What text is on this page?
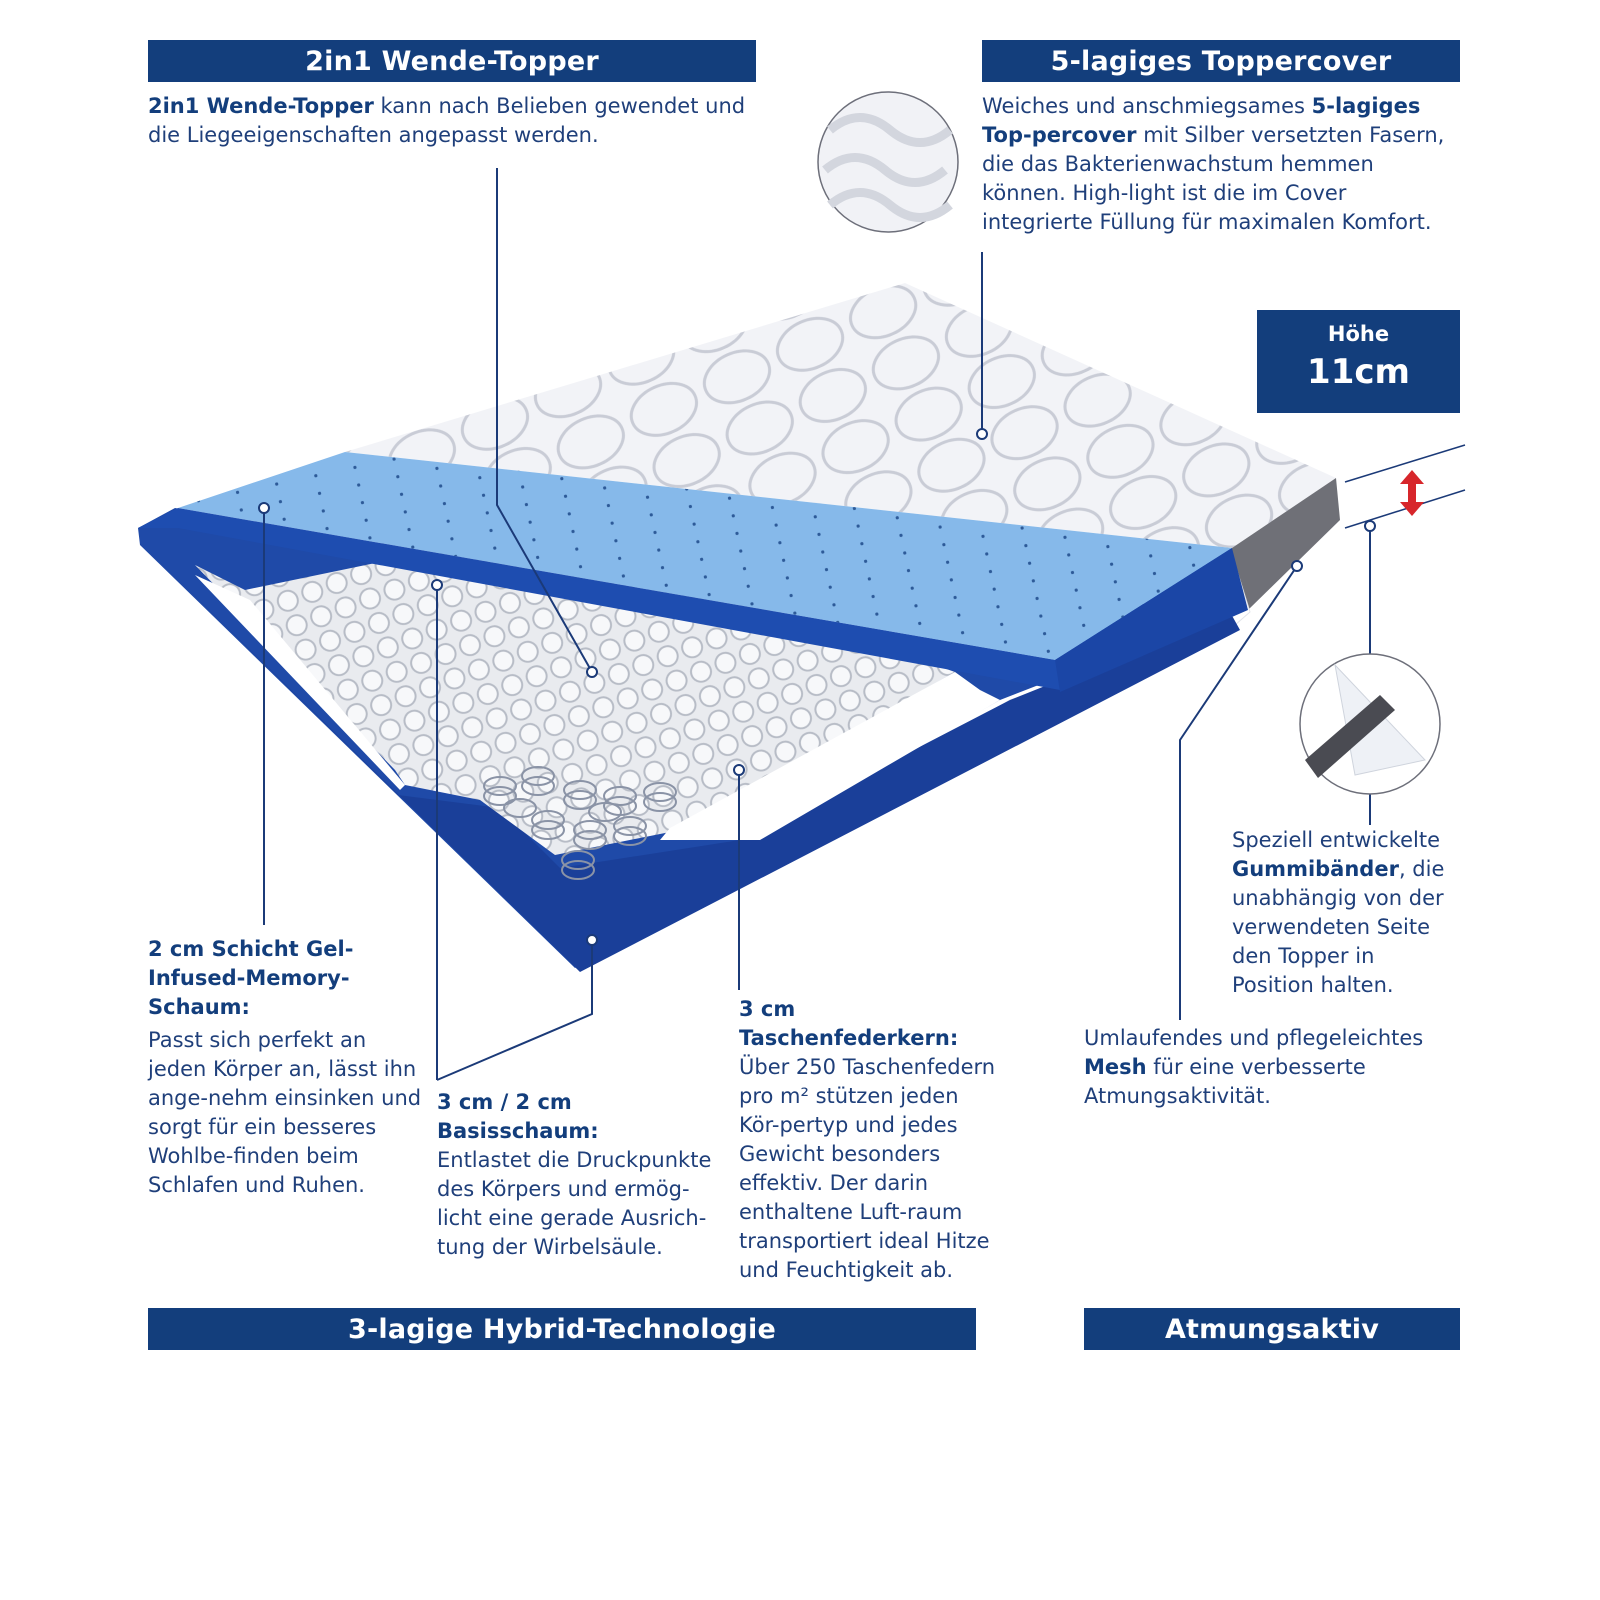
2in1 Wende-Topper	5-lagiges Toppercover
3-lagige Hybrid-Technologie	Atmungsaktiv
Höhe
11cm
2in1 Wende-Topper kann nach Belieben gewendet und die Liegeeigenschaften angepasst werden.
Weiches und anschmiegsames 5-lagiges Top-percover mit Silber versetzten Fasern, die das Bakterienwachstum hemmen können. High-light ist die im Cover integrierte Füllung für maximalen Komfort.
2 cm Schicht Gel-Infused-Memory-Schaum:
Passt sich perfekt an jeden Körper an, lässt ihn ange-nehm einsinken und sorgt für ein besseres Wohlbe-finden beim Schlafen und Ruhen.
3 cm / 2 cm Basisschaum:
Entlastet die Druckpunkte des Körpers und ermög-licht eine gerade Ausrich-tung der Wirbelsäule.
3 cm Taschenfederkern:
Über 250 Taschenfedern pro m² stützen jeden Kör-pertyp und jedes Gewicht besonders effektiv. Der darin enthaltene Luft-raum transportiert ideal Hitze und Feuchtigkeit ab.
Speziell entwickelte Gummibänder, die unabhängig von der verwendeten Seite den Topper in Position halten.
Umlaufendes und pflegeleichtes Mesh für eine verbesserte Atmungsaktivität.
